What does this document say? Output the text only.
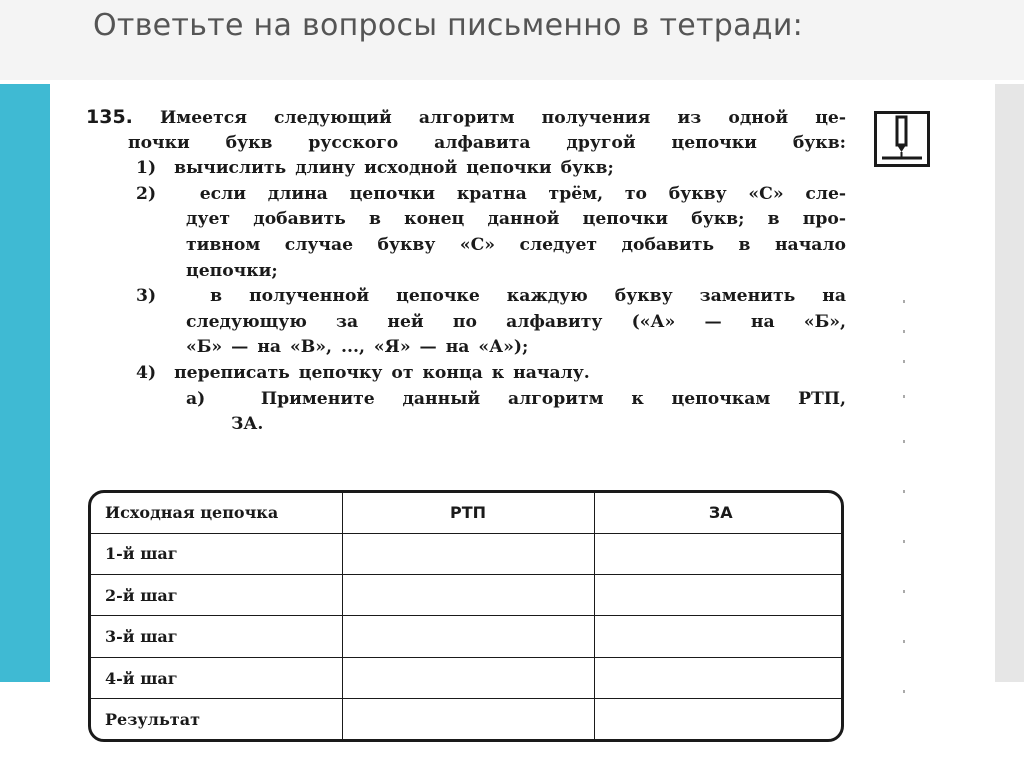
Ответьте на вопросы письменно в тетради:
135. Имеется следующий алгоритм получения из одной це-
почки букв русского алфавита другой цепочки букв:
1) вычислить длину исходной цепочки букв;
2)	если длина цепочки кратна трём, то букву «С» сле-
дует добавить в конец данной цепочки букв; в про-
тивном случае букву «С» следует добавить в начало
цепочки;
3)	в полученной цепочке каждую букву заменить на
следующую за ней по алфавиту («А» — на «Б»,
«Б» — на «В», ..., «Я» — на «А»);
4) переписать цепочку от конца к началу.
а)	Примените данный алгоритм к цепочкам РТП,
ЗА.
Исходная цепочка	РТП	ЗА
1-й шаг		
2-й шаг		
3-й шаг		
4-й шаг		
Результат		
